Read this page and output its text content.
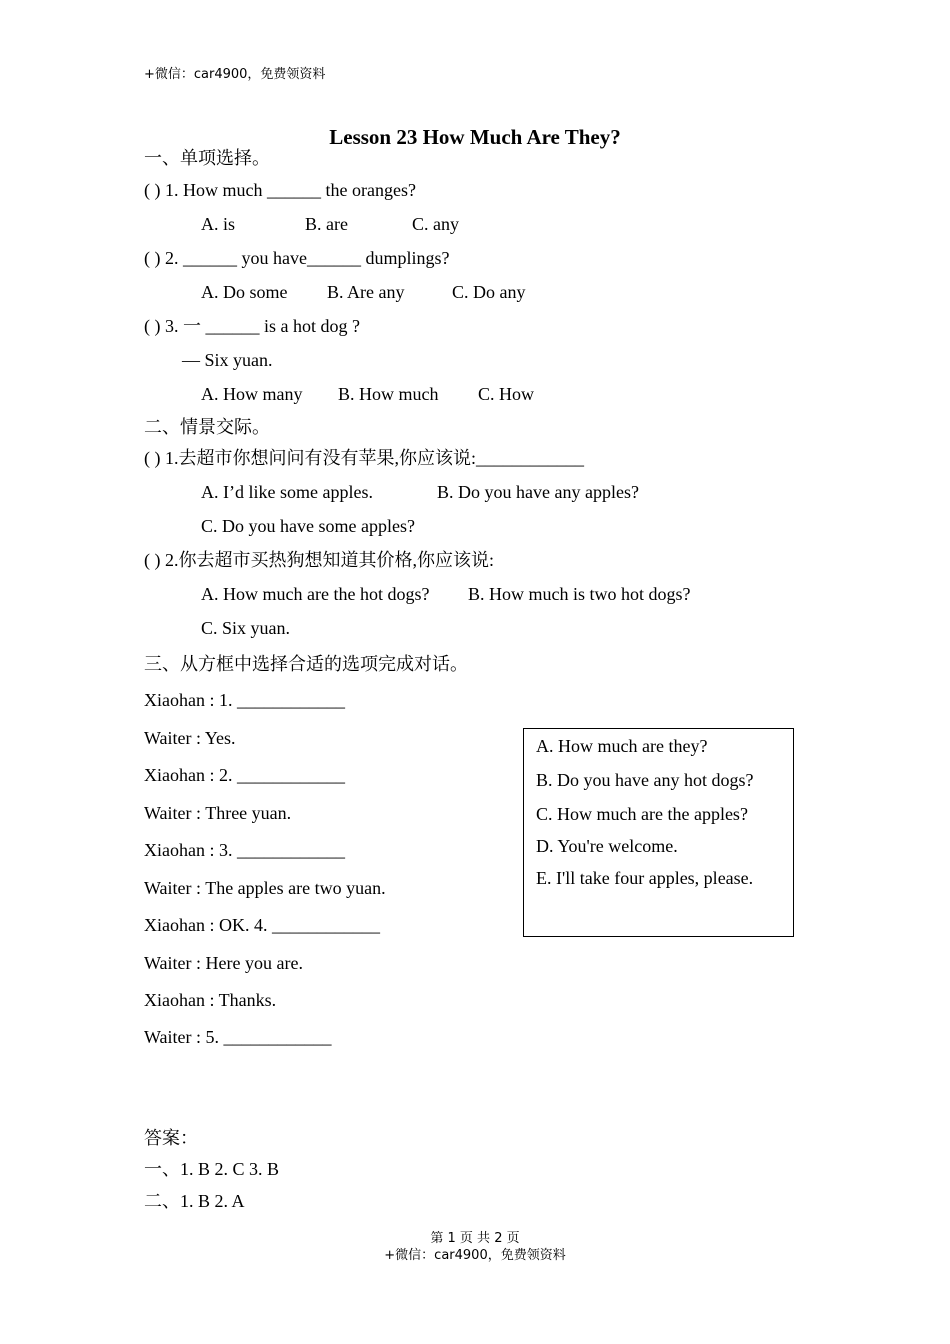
+微信：car4900，免费领资料
Lesson 23 How Much Are They?
一、单项选择。
( ) 1. How much ______ the oranges?
A. is	B. are	C. any
( ) 2. ______ you have______ dumplings?
A. Do some B. Are any	C. Do any
( ) 3. 一 ______ is a hot dog ?
— Six yuan.
A. How many B. How much C. How
二、情景交际。
( ) 1.去超市你想问问有没有苹果,你应该说:____________
A. I’d like some apples.	B. Do you have any apples?
C. Do you have some apples?
( ) 2.你去超市买热狗想知道其价格,你应该说:
A. How much are the hot dogs? B. How much is two hot dogs?
C. Six yuan.
三、从方框中选择合适的选项完成对话。
Xiaohan : 1. ____________
Waiter : Yes.
Xiaohan : 2. ____________
Waiter : Three yuan.
Xiaohan : 3. ____________
Waiter : The apples are two yuan.
Xiaohan : OK. 4. ____________
Waiter : Here you are.
Xiaohan : Thanks.
Waiter : 5. ____________
A. How much are they?
B. Do you have any hot dogs?
C. How much are the apples?
D. You're welcome.
E. I'll take four apples, please.
答案：
一、1. B 2. C 3. B
二、1. B 2. A
第 1 页 共 2 页
+微信：car4900，免费领资料
